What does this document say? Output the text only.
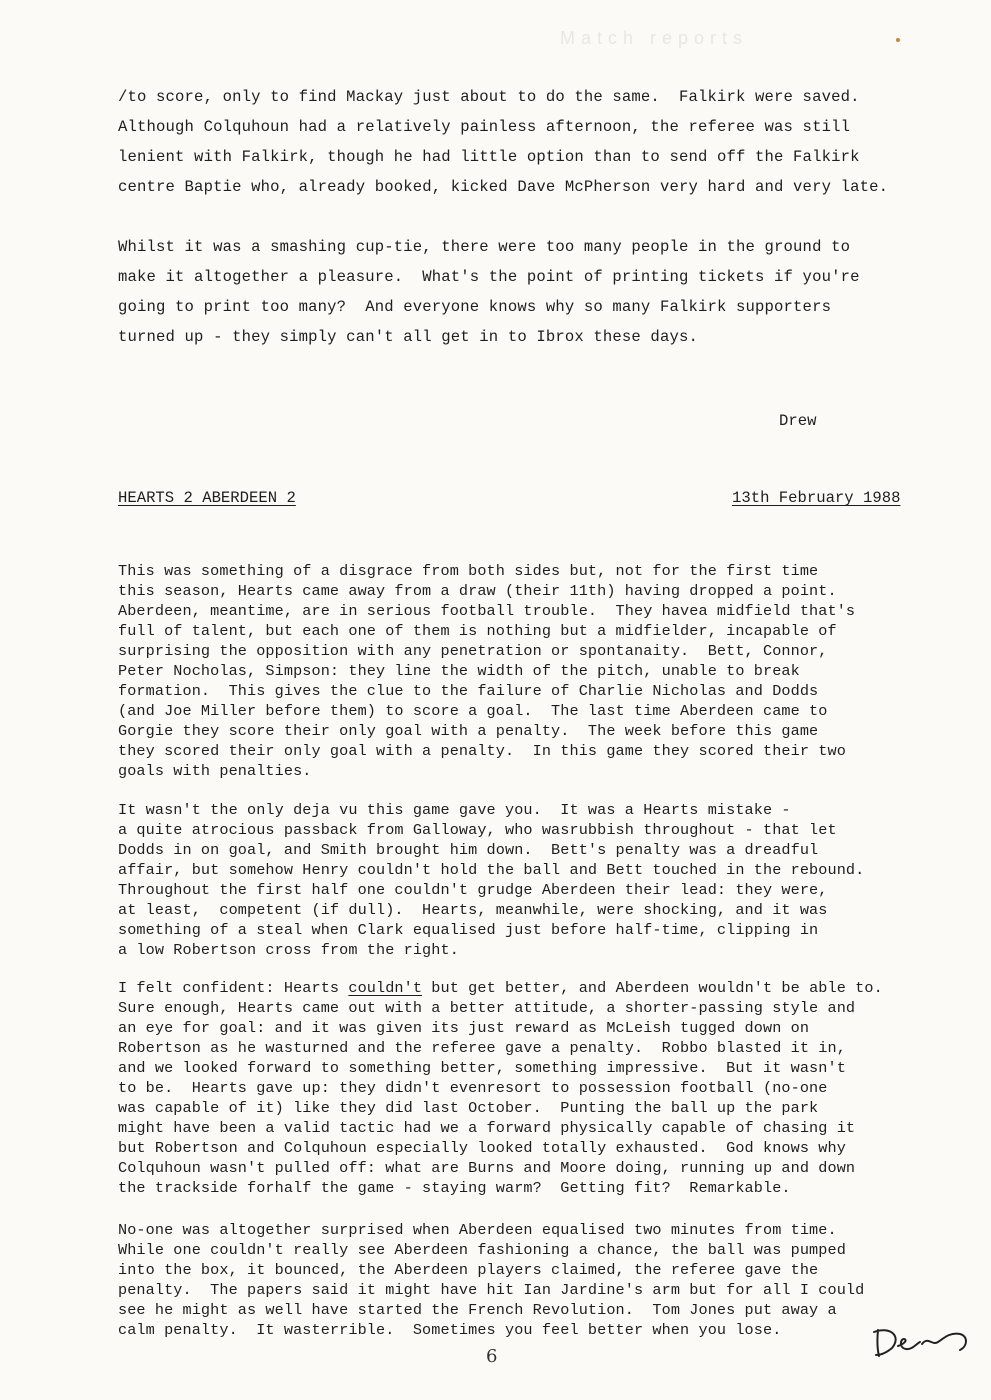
Match reports
/to score, only to find Mackay just about to do the same.  Falkirk were saved.
Although Colquhoun had a relatively painless afternoon, the referee was still
lenient with Falkirk, though he had little option than to send off the Falkirk
centre Baptie who, already booked, kicked Dave McPherson very hard and very late.
Whilst it was a smashing cup-tie, there were too many people in the ground to
make it altogether a pleasure.  What's the point of printing tickets if you're
going to print too many?  And everyone knows why so many Falkirk supporters
turned up - they simply can't all get in to Ibrox these days.
Drew
HEARTS 2 ABERDEEN 2	13th February 1988
This was something of a disgrace from both sides but, not for the first time
this season, Hearts came away from a draw (their 11th) having dropped a point.
Aberdeen, meantime, are in serious football trouble.  They havea midfield that's
full of talent, but each one of them is nothing but a midfielder, incapable of
surprising the opposition with any penetration or spontanaity.  Bett, Connor,
Peter Nocholas, Simpson: they line the width of the pitch, unable to break
formation.  This gives the clue to the failure of Charlie Nicholas and Dodds
(and Joe Miller before them) to score a goal.  The last time Aberdeen came to
Gorgie they score their only goal with a penalty.  The week before this game
they scored their only goal with a penalty.  In this game they scored their two
goals with penalties.
It wasn't the only deja vu this game gave you.  It was a Hearts mistake -
a quite atrocious passback from Galloway, who wasrubbish throughout - that let
Dodds in on goal, and Smith brought him down.  Bett's penalty was a dreadful
affair, but somehow Henry couldn't hold the ball and Bett touched in the rebound.
Throughout the first half one couldn't grudge Aberdeen their lead: they were,
at least,  competent (if dull).  Hearts, meanwhile, were shocking, and it was
something of a steal when Clark equalised just before half-time, clipping in
a low Robertson cross from the right.
I felt confident: Hearts couldn't but get better, and Aberdeen wouldn't be able to.
Sure enough, Hearts came out with a better attitude, a shorter-passing style and
an eye for goal: and it was given its just reward as McLeish tugged down on
Robertson as he wasturned and the referee gave a penalty.  Robbo blasted it in,
and we looked forward to something better, something impressive.  But it wasn't
to be.  Hearts gave up: they didn't evenresort to possession football (no-one
was capable of it) like they did last October.  Punting the ball up the park
might have been a valid tactic had we a forward physically capable of chasing it
but Robertson and Colquhoun especially looked totally exhausted.  God knows why
Colquhoun wasn't pulled off: what are Burns and Moore doing, running up and down
the trackside forhalf the game - staying warm?  Getting fit?  Remarkable.
No-one was altogether surprised when Aberdeen equalised two minutes from time.
While one couldn't really see Aberdeen fashioning a chance, the ball was pumped
into the box, it bounced, the Aberdeen players claimed, the referee gave the
penalty.  The papers said it might have hit Ian Jardine's arm but for all I could
see he might as well have started the French Revolution.  Tom Jones put away a
calm penalty.  It wasterrible.  Sometimes you feel better when you lose.
6
